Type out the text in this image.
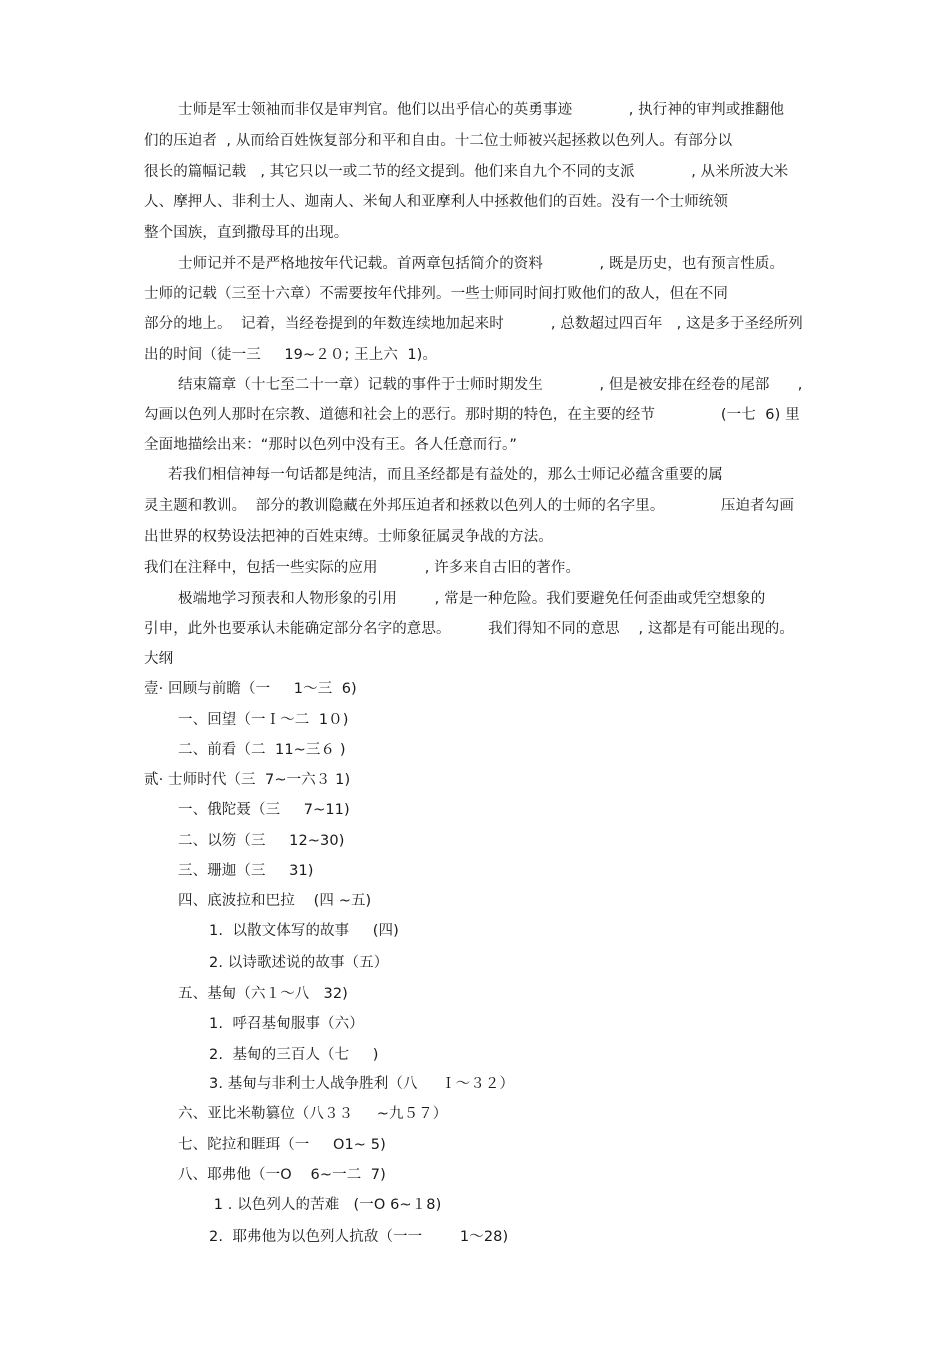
士师是军士领袖而非仅是审判官。他们以出乎信心的英勇事迹            , 执行神的审判或推翻他
们的压迫者  , 从而给百姓恢复部分和平和自由。十二位士师被兴起拯救以色列人。有部分以
很长的篇幅记载   , 其它只以一或二节的经文提到。他们来自九个不同的支派            , 从米所波大米
人、摩押人、非利士人、迦南人、米甸人和亚摩利人中拯救他们的百姓。没有一个士师统领
整个国族，直到撒母耳的出现。
士师记并不是严格地按年代记载。首两章包括简介的资料            , 既是历史，也有预言性质。
士师的记载（三至十六章）不需要按年代排列。一些士师同时间打败他们的敌人，但在不同
部分的地上。  记着，当经卷提到的年数连续地加起来时          , 总数超过四百年   , 这是多于圣经所列
出的时间（徒一三     19~２０; 王上六  1)。
结束篇章（十七至二十一章）记载的事件于士师时期发生            , 但是被安排在经卷的尾部      ,
勾画以色列人那时在宗教、道德和社会上的恶行。那时期的特色，在主要的经节              (一七  6) 里
全面地描绘出来：“那时以色列中没有王。各人任意而行。”
若我们相信神每一句话都是纯洁，而且圣经都是有益处的，那么士师记必蕴含重要的属
灵主题和教训。  部分的教训隐藏在外邦压迫者和拯救以色列人的士师的名字里。            压迫者勾画
出世界的权势设法把神的百姓束缚。士师象征属灵争战的方法。
我们在注释中，包括一些实际的应用          , 许多来自古旧的著作。
极端地学习预表和人物形象的引用        , 常是一种危险。我们要避免任何歪曲或凭空想象的
引申，此外也要承认未能确定部分名字的意思。        我们得知不同的意思    , 这都是有可能出现的。
大纲
壹· 回顾与前瞻（一     1～三  6)
一、回望（一Ｉ～二  1０)
二、前看（二  11~三６ )
贰· 士师时代（三  7~一六３ 1)
一、俄陀聂（三     7~11)
二、以笏（三     12~30)
三、珊迦（三     31)
四、底波拉和巴拉    (四 ~五)
1.  以散文体写的故事     (四)
2. 以诗歌述说的故事（五）
五、基甸（六１～八   32)
1.  呼召基甸服事（六）
2.  基甸的三百人（七     )
3. 基甸与非利士人战争胜利（八     Ｉ～３２）
六、亚比米勒篡位（八３３     ~九５７）
七、陀拉和睚珥（一     O1~ 5)
八、耶弗他（一O    6~一二  7)
1 . 以色列人的苦难   (一O 6~１8)
2.  耶弗他为以色列人抗敌（一一        1～28)
